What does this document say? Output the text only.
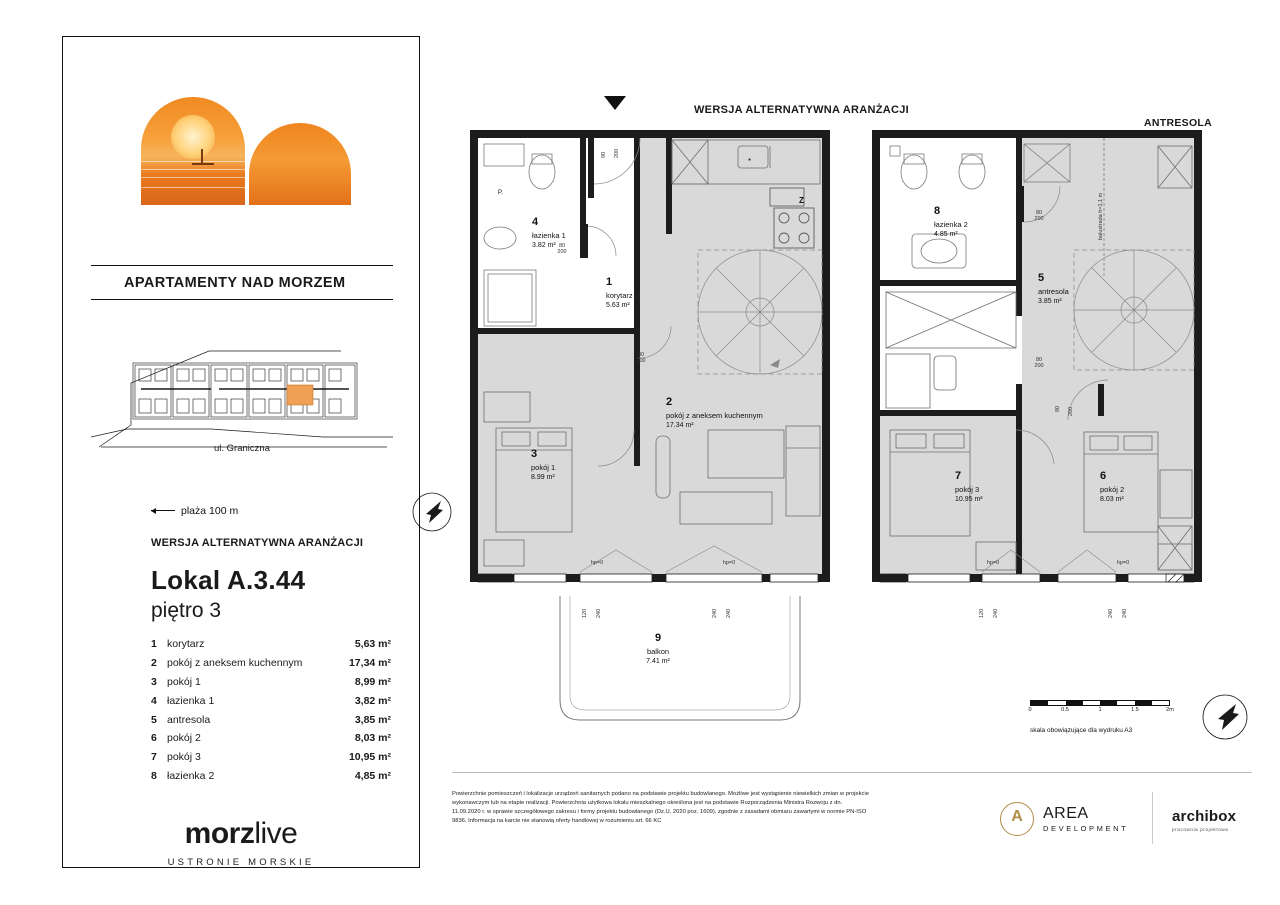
APARTAMENTY NAD MORZEM
ul. Graniczna
plaża 100 m
WERSJA ALTERNATYWNA ARANŻACJI
Lokal A.3.44
piętro 3
1	korytarz	5,63 m²
2	pokój z aneksem kuchennym	17,34 m²
3	pokój 1	8,99 m²
4	łazienka 1	3,82 m²
5	antresola	3,85 m²
6	pokój 2	8,03 m²
7	pokój 3	10,95 m²
8	łazienka 2	4,85 m²
morzlive
USTRONIE MORSKIE
WERSJA ALTERNATYWNA ARANŻACJI
ANTRESOLA
4
łazienka 1
3.82 m²
1
korytarz
5.63 m²
2
pokój z aneksem kuchennym
17.34 m²
3
pokój 1
8.99 m²
9
balkon
7.41 m²
*
Z
P.
80
200
80
200
90 200
hp=0	hp=0
120 240	240 240
8
łazienka 2
4.85 m²
5
antresola
3.85 m²
7
pokój 3
10.95 m²
6
pokój 2
8.03 m²
80
200
80
200
80 200
balustrada h=1,1 m
hp=0	hp=0
120 240	240 240
0	0.5	1	1.5	2m
skala obowiązujące dla wydruku A3
Powierzchnie pomieszczeń i lokalizacje urządzeń sanitarnych podano na podstawie projektu budowlanego. Możliwe jest wystąpienie niewielkich zmian w projekcie wykonawczym lub na etapie realizacji. Powierzchnia użytkowa lokalu mieszkalnego określona jest na podstawie Rozporządzenia Ministra Rozwoju z dn. 11.09.2020 r. w sprawie szczegółowego zakresu i formy projektu budowlanego (Dz.U. 2020 poz. 1609), zgodnie z zasadami obmiaru zawartymi w normie PN-ISO 9836. Informacja na karcie nie stanowią oferty handlowej w rozumieniu art. 66 KC	A	AREA
DEVELOPMENT
archibox
pracownia projektowa
